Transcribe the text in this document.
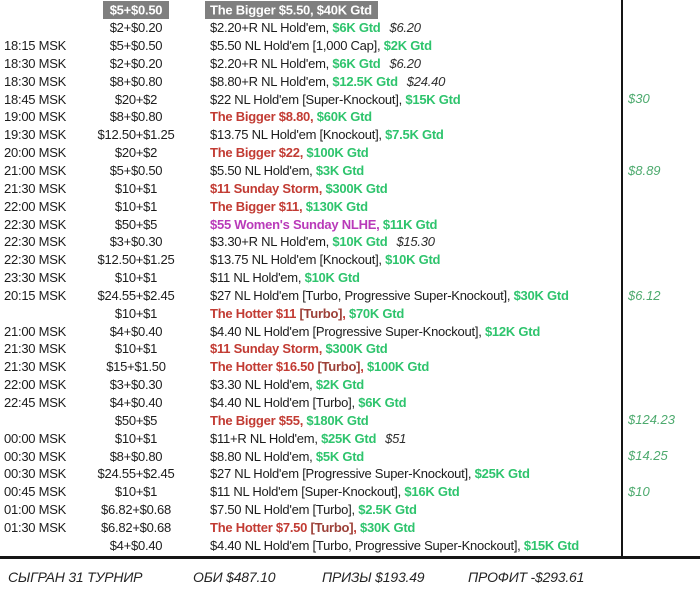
$5+$0.50	The Bigger $5.50, $40K Gtd
$2+$0.20	$2.20+R NL Hold'em, $6K Gtd $6.20
18:15 MSK	$5+$0.50	$5.50 NL Hold'em [1,000 Cap], $2K Gtd
18:30 MSK	$2+$0.20	$2.20+R NL Hold'em, $6K Gtd $6.20
18:30 MSK	$8+$0.80	$8.80+R NL Hold'em, $12.5K Gtd $24.40
18:45 MSK	$20+$2	$22 NL Hold'em [Super-Knockout], $15K Gtd	$30
19:00 MSK	$8+$0.80	The Bigger $8.80, $60K Gtd
19:30 MSK	$12.50+$1.25	$13.75 NL Hold'em [Knockout], $7.5K Gtd
20:00 MSK	$20+$2	The Bigger $22, $100K Gtd
21:00 MSK	$5+$0.50	$5.50 NL Hold'em, $3K Gtd	$8.89
21:30 MSK	$10+$1	$11 Sunday Storm, $300K Gtd
22:00 MSK	$10+$1	The Bigger $11, $130K Gtd
22:30 MSK	$50+$5	$55 Women's Sunday NLHE, $11K Gtd
22:30 MSK	$3+$0.30	$3.30+R NL Hold'em, $10K Gtd $15.30
22:30 MSK	$12.50+$1.25	$13.75 NL Hold'em [Knockout], $10K Gtd
23:30 MSK	$10+$1	$11 NL Hold'em, $10K Gtd
20:15 MSK	$24.55+$2.45	$27 NL Hold'em [Turbo, Progressive Super-Knockout], $30K Gtd	$6.12
$10+$1	The Hotter $11 [Turbo], $70K Gtd
21:00 MSK	$4+$0.40	$4.40 NL Hold'em [Progressive Super-Knockout], $12K Gtd
21:30 MSK	$10+$1	$11 Sunday Storm, $300K Gtd
21:30 MSK	$15+$1.50	The Hotter $16.50 [Turbo], $100K Gtd
22:00 MSK	$3+$0.30	$3.30 NL Hold'em, $2K Gtd
22:45 MSK	$4+$0.40	$4.40 NL Hold'em [Turbo], $6K Gtd
$50+$5	The Bigger $55, $180K Gtd	$124.23
00:00 MSK	$10+$1	$11+R NL Hold'em, $25K Gtd $51
00:30 MSK	$8+$0.80	$8.80 NL Hold'em, $5K Gtd	$14.25
00:30 MSK	$24.55+$2.45	$27 NL Hold'em [Progressive Super-Knockout], $25K Gtd
00:45 MSK	$10+$1	$11 NL Hold'em [Super-Knockout], $16K Gtd	$10
01:00 MSK	$6.82+$0.68	$7.50 NL Hold'em [Turbo], $2.5K Gtd
01:30 MSK	$6.82+$0.68	The Hotter $7.50 [Turbo], $30K Gtd
$4+$0.40	$4.40 NL Hold'em [Turbo, Progressive Super-Knockout], $15K Gtd
СЫГРАН 31 ТУРНИР	ОБИ $487.10	ПРИЗЫ $193.49	ПРОФИТ -$293.61
